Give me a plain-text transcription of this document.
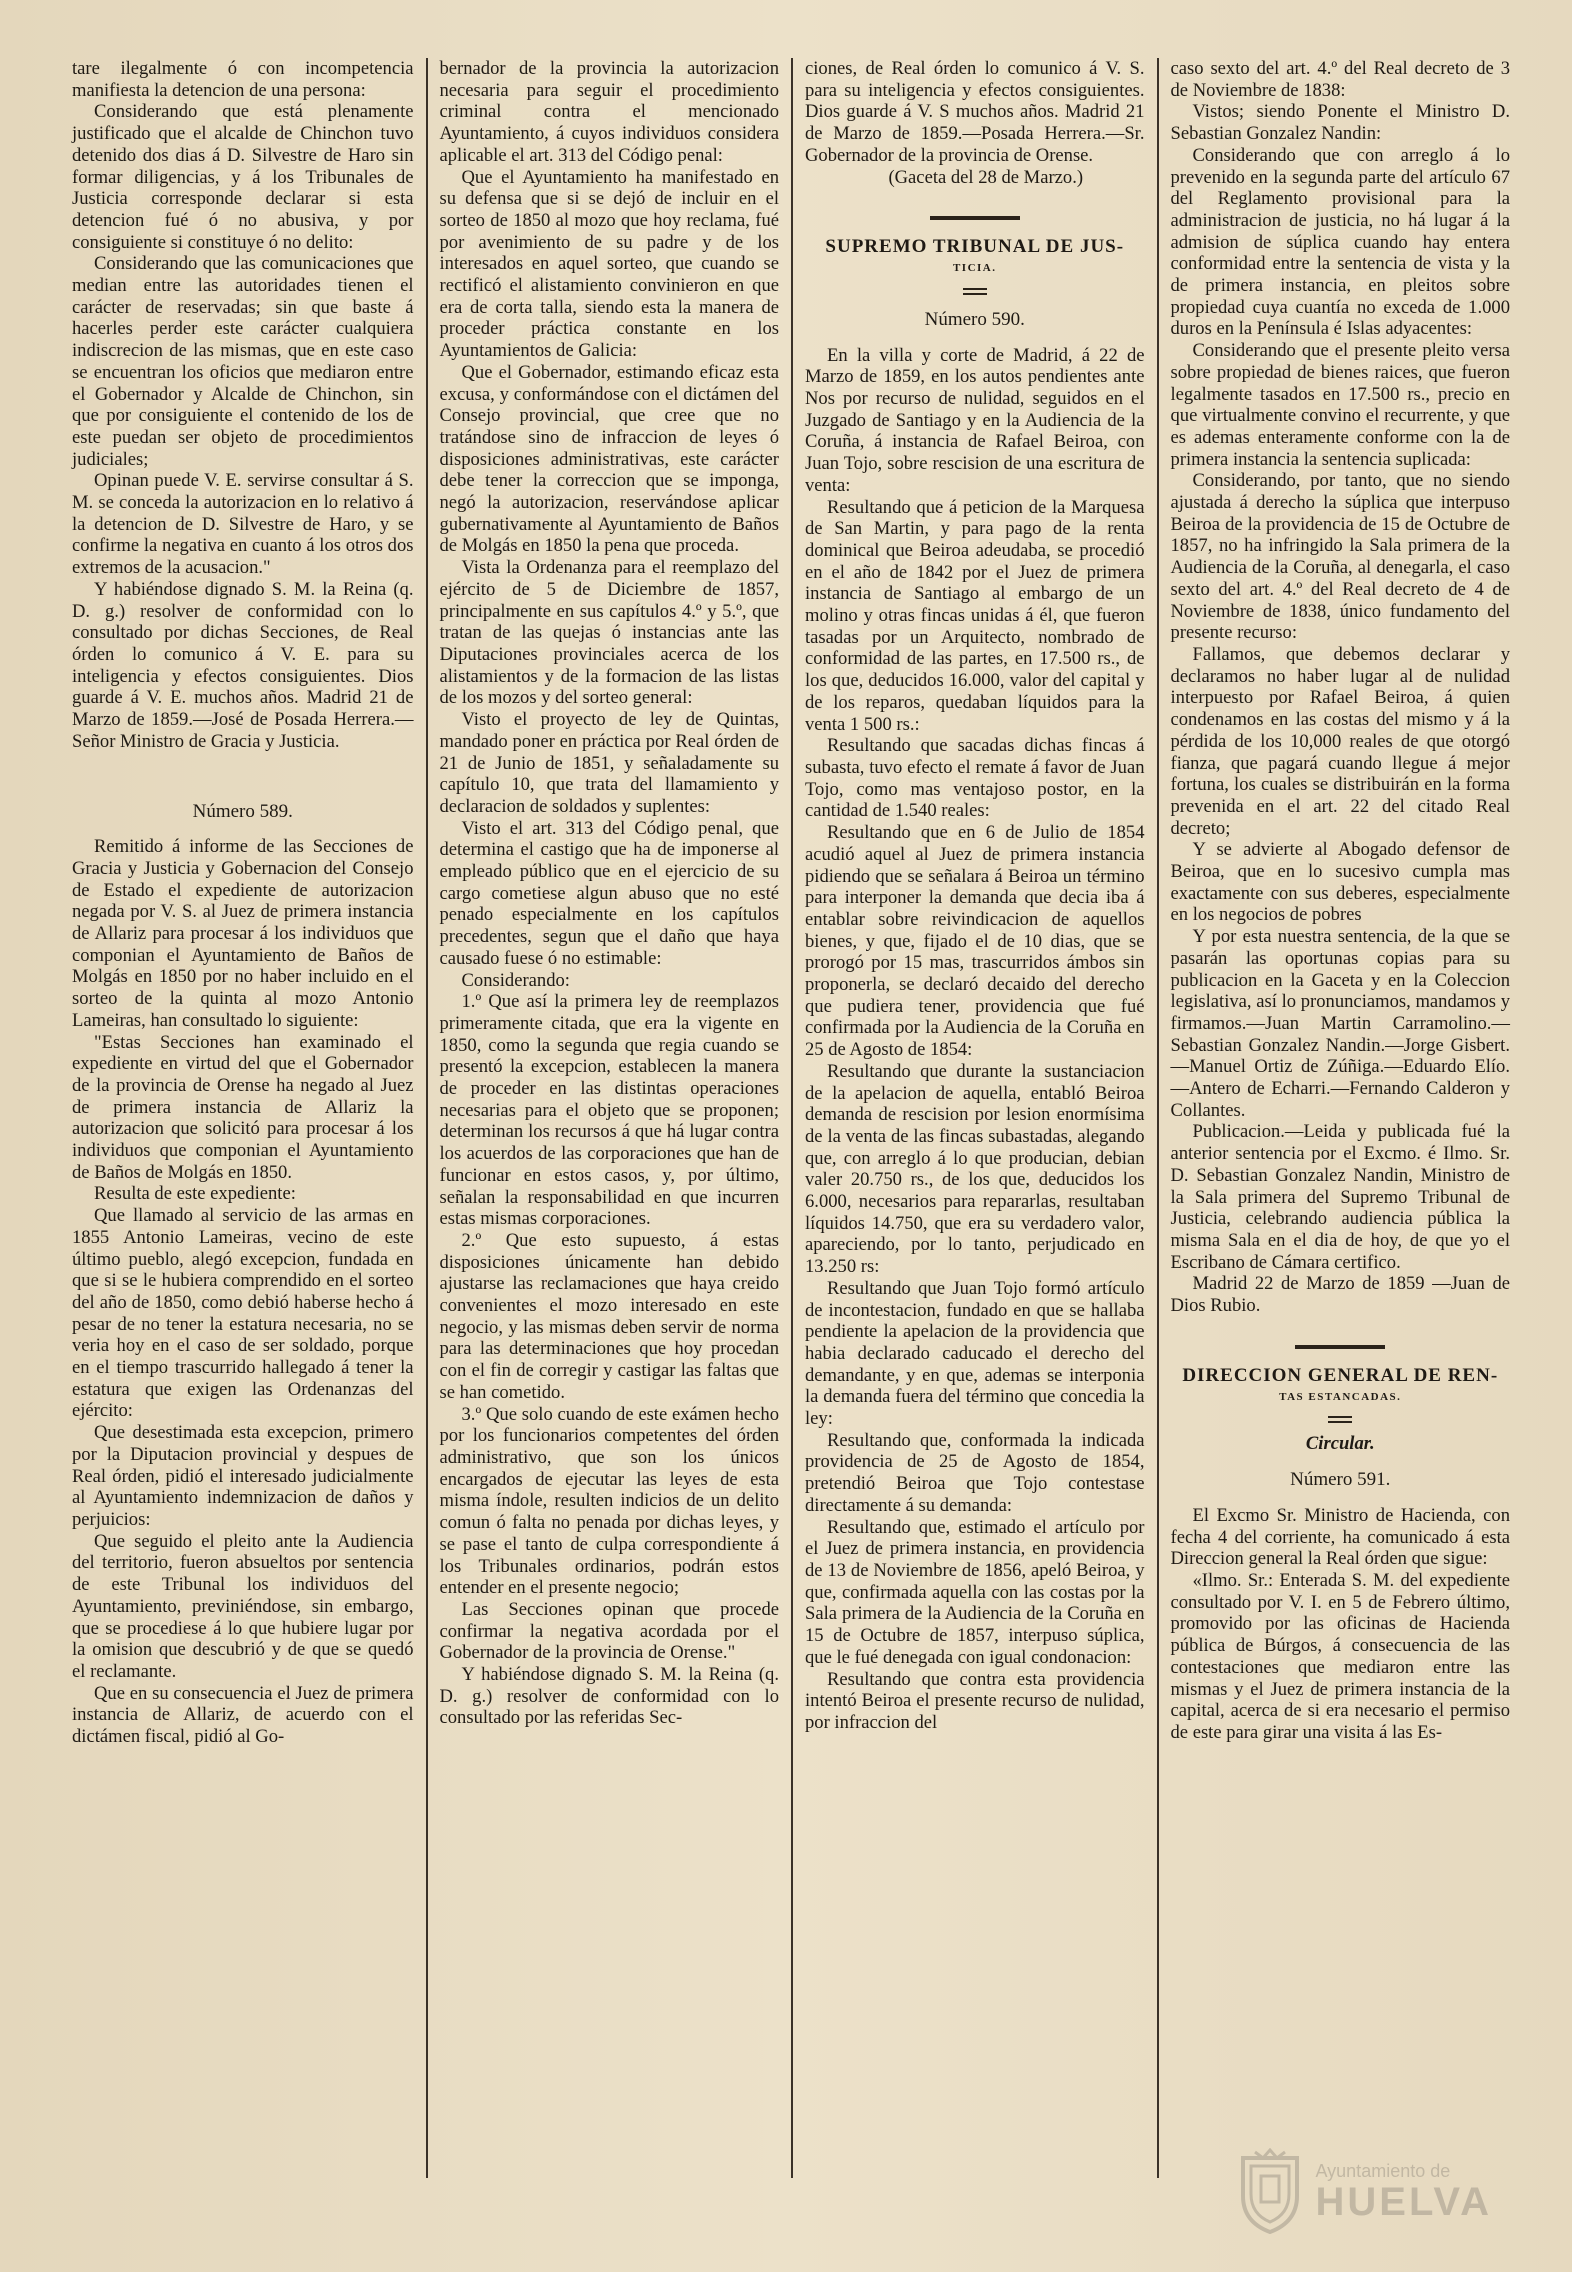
tare ilegalmente ó con incompetencia manifiesta la detencion de una persona:

Considerando que está plenamente justificado que el alcalde de Chinchon tuvo detenido dos dias á D. Silvestre de Haro sin formar diligencias, y á los Tribunales de Justicia corresponde declarar si esta detencion fué ó no abusiva, y por consiguiente si constituye ó no delito:

Considerando que las comunicaciones que median entre las autoridades tienen el carácter de reservadas; sin que baste á hacerles perder este carácter cualquiera indiscrecion de las mismas, que en este caso se encuentran los oficios que mediaron entre el Gobernador y Alcalde de Chinchon, sin que por consiguiente el contenido de los de este puedan ser objeto de procedimientos judiciales;

Opinan puede V. E. servirse consultar á S. M. se conceda la autorizacion en lo relativo á la detencion de D. Silvestre de Haro, y se confirme la negativa en cuanto á los otros dos extremos de la acusacion."

Y habiéndose dignado S. M. la Reina (q. D. g.) resolver de conformidad con lo consultado por dichas Secciones, de Real órden lo comunico á V. E. para su inteligencia y efectos consiguientes. Dios guarde á V. E. muchos años. Madrid 21 de Marzo de 1859.—José de Posada Herrera.—Señor Ministro de Gracia y Justicia.

Número 589.

Remitido á informe de las Secciones de Gracia y Justicia y Gobernacion del Consejo de Estado el expediente de autorizacion negada por V. S. al Juez de primera instancia de Allariz para procesar á los individuos que componian el Ayuntamiento de Baños de Molgás en 1850 por no haber incluido en el sorteo de la quinta al mozo Antonio Lameiras, han consultado lo siguiente:

"Estas Secciones han examinado el expediente en virtud del que el Gobernador de la provincia de Orense ha negado al Juez de primera instancia de Allariz la autorizacion que solicitó para procesar á los individuos que componian el Ayuntamiento de Baños de Molgás en 1850.

Resulta de este expediente:

Que llamado al servicio de las armas en 1855 Antonio Lameiras, vecino de este último pueblo, alegó excepcion, fundada en que si se le hubiera comprendido en el sorteo del año de 1850, como debió haberse hecho á pesar de no tener la estatura necesaria, no se veria hoy en el caso de ser soldado, porque en el tiempo trascurrido hallegado á tener la estatura que exigen las Ordenanzas del ejército:

Que desestimada esta excepcion, primero por la Diputacion provincial y despues de Real órden, pidió el interesado judicialmente al Ayuntamiento indemnizacion de daños y perjuicios:

Que seguido el pleito ante la Audiencia del territorio, fueron absueltos por sentencia de este Tribunal los individuos del Ayuntamiento, previniéndose, sin embargo, que se procediese á lo que hubiere lugar por la omision que descubrió y de que se quedó el reclamante.

Que en su consecuencia el Juez de primera instancia de Allariz, de acuerdo con el dictámen fiscal, pidió al Go-

bernador de la provincia la autorizacion necesaria para seguir el procedimiento criminal contra el mencionado Ayuntamiento, á cuyos individuos considera aplicable el art. 313 del Código penal:

Que el Ayuntamiento ha manifestado en su defensa que si se dejó de incluir en el sorteo de 1850 al mozo que hoy reclama, fué por avenimiento de su padre y de los interesados en aquel sorteo, que cuando se rectificó el alistamiento convinieron en que era de corta talla, siendo esta la manera de proceder práctica constante en los Ayuntamientos de Galicia:

Que el Gobernador, estimando eficaz esta excusa, y conformándose con el dictámen del Consejo provincial, que cree que no tratándose sino de infraccion de leyes ó disposiciones administrativas, este carácter debe tener la correccion que se imponga, negó la autorizacion, reservándose aplicar gubernativamente al Ayuntamiento de Baños de Molgás en 1850 la pena que proceda.

Vista la Ordenanza para el reemplazo del ejército de 5 de Diciembre de 1857, principalmente en sus capítulos 4.º y 5.º, que tratan de las quejas ó instancias ante las Diputaciones provinciales acerca de los alistamientos y de la formacion de las listas de los mozos y del sorteo general:

Visto el proyecto de ley de Quintas, mandado poner en práctica por Real órden de 21 de Junio de 1851, y señaladamente su capítulo 10, que trata del llamamiento y declaracion de soldados y suplentes:

Visto el art. 313 del Código penal, que determina el castigo que ha de imponerse al empleado público que en el ejercicio de su cargo cometiese algun abuso que no esté penado especialmente en los capítulos precedentes, segun que el daño que haya causado fuese ó no estimable:

Considerando:

1.º Que así la primera ley de reemplazos primeramente citada, que era la vigente en 1850, como la segunda que regia cuando se presentó la excepcion, establecen la manera de proceder en las distintas operaciones necesarias para el objeto que se proponen; determinan los recursos á que há lugar contra los acuerdos de las corporaciones que han de funcionar en estos casos, y, por último, señalan la responsabilidad en que incurren estas mismas corporaciones.

2.º Que esto supuesto, á estas disposiciones únicamente han debido ajustarse las reclamaciones que haya creido convenientes el mozo interesado en este negocio, y las mismas deben servir de norma para las determinaciones que hoy procedan con el fin de corregir y castigar las faltas que se han cometido.

3.º Que solo cuando de este exámen hecho por los funcionarios competentes del órden administrativo, que son los únicos encargados de ejecutar las leyes de esta misma índole, resulten indicios de un delito comun ó falta no penada por dichas leyes, y se pase el tanto de culpa correspondiente á los Tribunales ordinarios, podrán estos entender en el presente negocio;

Las Secciones opinan que procede confirmar la negativa acordada por el Gobernador de la provincia de Orense."

Y habiéndose dignado S. M. la Reina (q. D. g.) resolver de conformidad con lo consultado por las referidas Sec-

ciones, de Real órden lo comunico á V. S. para su inteligencia y efectos consiguientes. Dios guarde á V. S muchos años. Madrid 21 de Marzo de 1859.—Posada Herrera.—Sr. Gobernador de la provincia de Orense.

(Gaceta del 28 de Marzo.)

SUPREMO TRIBUNAL DE JUS-
TICIA.
Número 590.

En la villa y corte de Madrid, á 22 de Marzo de 1859, en los autos pendientes ante Nos por recurso de nulidad, seguidos en el Juzgado de Santiago y en la Audiencia de la Coruña, á instancia de Rafael Beiroa, con Juan Tojo, sobre rescision de una escritura de venta:

Resultando que á peticion de la Marquesa de San Martin, y para pago de la renta dominical que Beiroa adeudaba, se procedió en el año de 1842 por el Juez de primera instancia de Santiago al embargo de un molino y otras fincas unidas á él, que fueron tasadas por un Arquitecto, nombrado de conformidad de las partes, en 17.500 rs., de los que, deducidos 16.000, valor del capital y de los reparos, quedaban líquidos para la venta 1 500 rs.:

Resultando que sacadas dichas fincas á subasta, tuvo efecto el remate á favor de Juan Tojo, como mas ventajoso postor, en la cantidad de 1.540 reales:

Resultando que en 6 de Julio de 1854 acudió aquel al Juez de primera instancia pidiendo que se señalara á Beiroa un término para interponer la demanda que decia iba á entablar sobre reivindicacion de aquellos bienes, y que, fijado el de 10 dias, que se prorogó por 15 mas, trascurridos ámbos sin proponerla, se declaró decaido del derecho que pudiera tener, providencia que fué confirmada por la Audiencia de la Coruña en 25 de Agosto de 1854:

Resultando que durante la sustanciacion de la apelacion de aquella, entabló Beiroa demanda de rescision por lesion enormísima de la venta de las fincas subastadas, alegando que, con arreglo á lo que producian, debian valer 20.750 rs., de los que, deducidos los 6.000, necesarios para repararlas, resultaban líquidos 14.750, que era su verdadero valor, apareciendo, por lo tanto, perjudicado en 13.250 rs:

Resultando que Juan Tojo formó artículo de incontestacion, fundado en que se hallaba pendiente la apelacion de la providencia que habia declarado caducado el derecho del demandante, y en que, ademas se interponia la demanda fuera del término que concedia la ley:

Resultando que, conformada la indicada providencia de 25 de Agosto de 1854, pretendió Beiroa que Tojo contestase directamente á su demanda:

Resultando que, estimado el artículo por el Juez de primera instancia, en providencia de 13 de Noviembre de 1856, apeló Beiroa, y que, confirmada aquella con las costas por la Sala primera de la Audiencia de la Coruña en 15 de Octubre de 1857, interpuso súplica, que le fué denegada con igual condonacion:

Resultando que contra esta providencia intentó Beiroa el presente recurso de nulidad, por infraccion del

caso sexto del art. 4.º del Real decreto de 3 de Noviembre de 1838:

Vistos; siendo Ponente el Ministro D. Sebastian Gonzalez Nandin:

Considerando que con arreglo á lo prevenido en la segunda parte del artículo 67 del Reglamento provisional para la administracion de justicia, no há lugar á la admision de súplica cuando hay entera conformidad entre la sentencia de vista y la de primera instancia, en pleitos sobre propiedad cuya cuantía no exceda de 1.000 duros en la Península é Islas adyacentes:

Considerando que el presente pleito versa sobre propiedad de bienes raices, que fueron legalmente tasados en 17.500 rs., precio en que virtualmente convino el recurrente, y que es ademas enteramente conforme con la de primera instancia la sentencia suplicada:

Considerando, por tanto, que no siendo ajustada á derecho la súplica que interpuso Beiroa de la providencia de 15 de Octubre de 1857, no ha infringido la Sala primera de la Audiencia de la Coruña, al denegarla, el caso sexto del art. 4.º del Real decreto de 4 de Noviembre de 1838, único fundamento del presente recurso:

Fallamos, que debemos declarar y declaramos no haber lugar al de nulidad interpuesto por Rafael Beiroa, á quien condenamos en las costas del mismo y á la pérdida de los 10,000 reales de que otorgó fianza, que pagará cuando llegue á mejor fortuna, los cuales se distribuirán en la forma prevenida en el art. 22 del citado Real decreto;

Y se advierte al Abogado defensor de Beiroa, que en lo sucesivo cumpla mas exactamente con sus deberes, especialmente en los negocios de pobres

Y por esta nuestra sentencia, de la que se pasarán las oportunas copias para su publicacion en la Gaceta y en la Coleccion legislativa, así lo pronunciamos, mandamos y firmamos.—Juan Martin Carramolino.—Sebastian Gonzalez Nandin.—Jorge Gisbert.—Manuel Ortiz de Zúñiga.—Eduardo Elío.—Antero de Echarri.—Fernando Calderon y Collantes.

Publicacion.—Leida y publicada fué la anterior sentencia por el Excmo. é Ilmo. Sr. D. Sebastian Gonzalez Nandin, Ministro de la Sala primera del Supremo Tribunal de Justicia, celebrando audiencia pública la misma Sala en el dia de hoy, de que yo el Escribano de Cámara certifico.

Madrid 22 de Marzo de 1859 —Juan de Dios Rubio.

DIRECCION GENERAL DE REN-
TAS ESTANCADAS.
Circular.
Número 591.

El Excmo Sr. Ministro de Hacienda, con fecha 4 del corriente, ha comunicado á esta Direccion general la Real órden que sigue:

«Ilmo. Sr.: Enterada S. M. del expediente consultado por V. I. en 5 de Febrero último, promovido por las oficinas de Hacienda pública de Búrgos, á consecuencia de las contestaciones que mediaron entre las mismas y el Juez de primera instancia de la capital, acerca de si era necesario el permiso de este para girar una visita á las Es-

Ayuntamiento de
HUELVA
